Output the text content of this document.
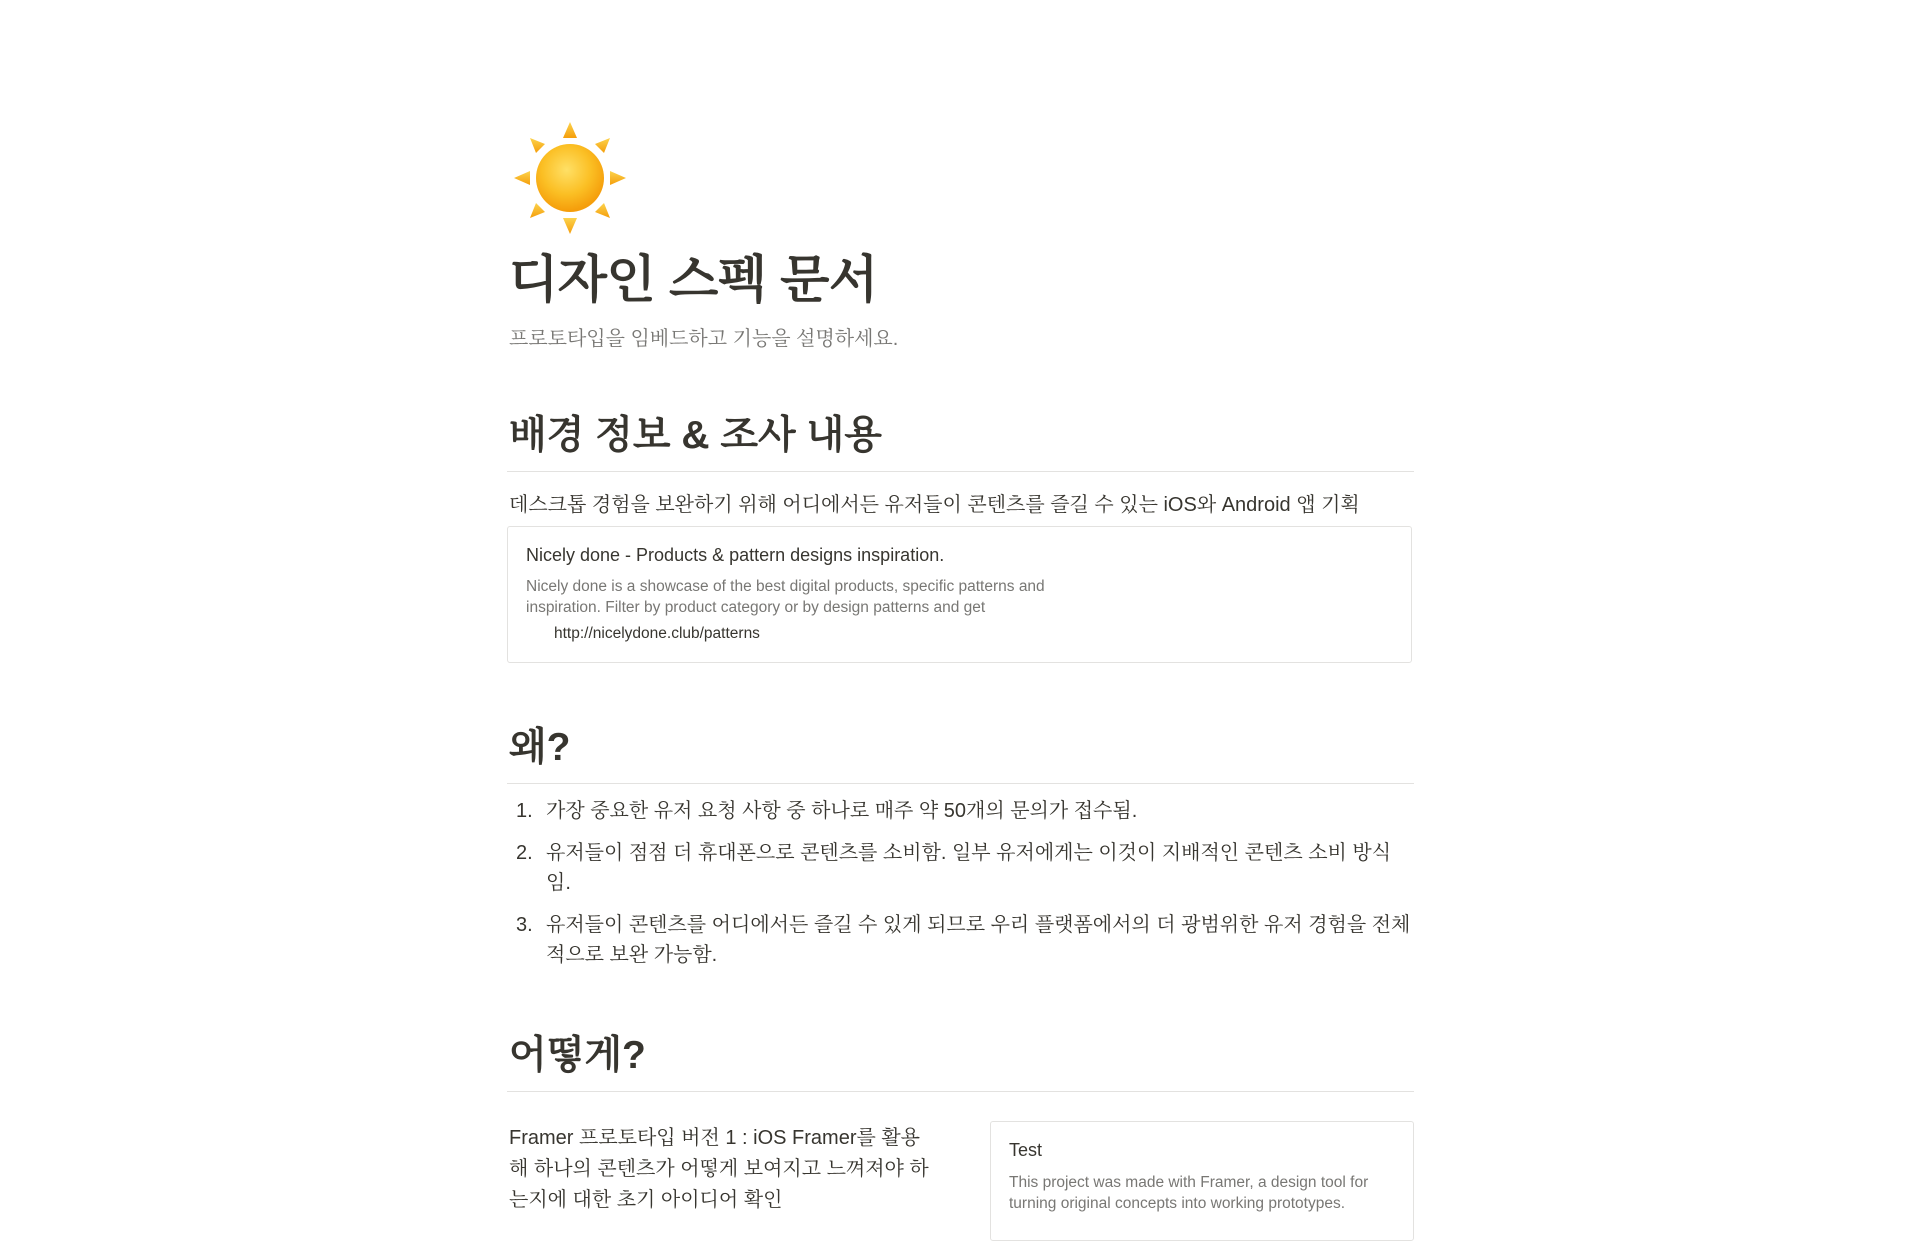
디자인 스펙 문서
프로토타입을 임베드하고 기능을 설명하세요.
배경 정보 & 조사 내용
데스크톱 경험을 보완하기 위해 어디에서든 유저들이 콘텐츠를 즐길 수 있는 iOS와 Android 앱 기획
Nicely done - Products & pattern designs inspiration.
Nicely done is a showcase of the best digital products, specific patterns and inspiration. Filter by product category or by design patterns and get
http://nicelydone.club/patterns
왜?
1. 가장 중요한 유저 요청 사항 중 하나로 매주 약 50개의 문의가 접수됨.
2. 유저들이 점점 더 휴대폰으로 콘텐츠를 소비함. 일부 유저에게는 이것이 지배적인 콘텐츠 소비 방식임.
3. 유저들이 콘텐츠를 어디에서든 즐길 수 있게 되므로 우리 플랫폼에서의 더 광범위한 유저 경험을 전체적으로 보완 가능함.
어떻게?
Framer 프로토타입 버전 1 : iOS Framer를 활용해 하나의 콘텐츠가 어떻게 보여지고 느껴져야 하는지에 대한 초기 아이디어 확인
Test
This project was made with Framer, a design tool for turning original concepts into working prototypes.
